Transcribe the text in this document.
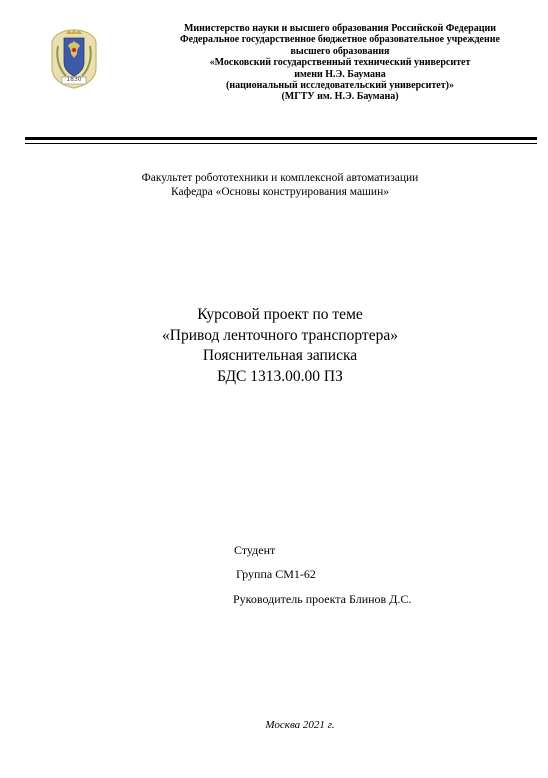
1830
Министерство науки и высшего образования Российской Федерации
Федеральное государственное бюджетное образовательное учреждение
высшего образования
«Московский государственный технический университет
имени Н.Э. Баумана
(национальный исследовательский университет)»
(МГТУ им. Н.Э. Баумана)
Факультет робототехники и комплексной автоматизации
Кафедра «Основы конструирования машин»
Курсовой проект по теме
«Привод ленточного транспортера»
Пояснительная записка
БДС 1313.00.00 ПЗ
Студент
Группа СМ1-62
Руководитель проекта Блинов Д.С.
Москва 2021 г.
